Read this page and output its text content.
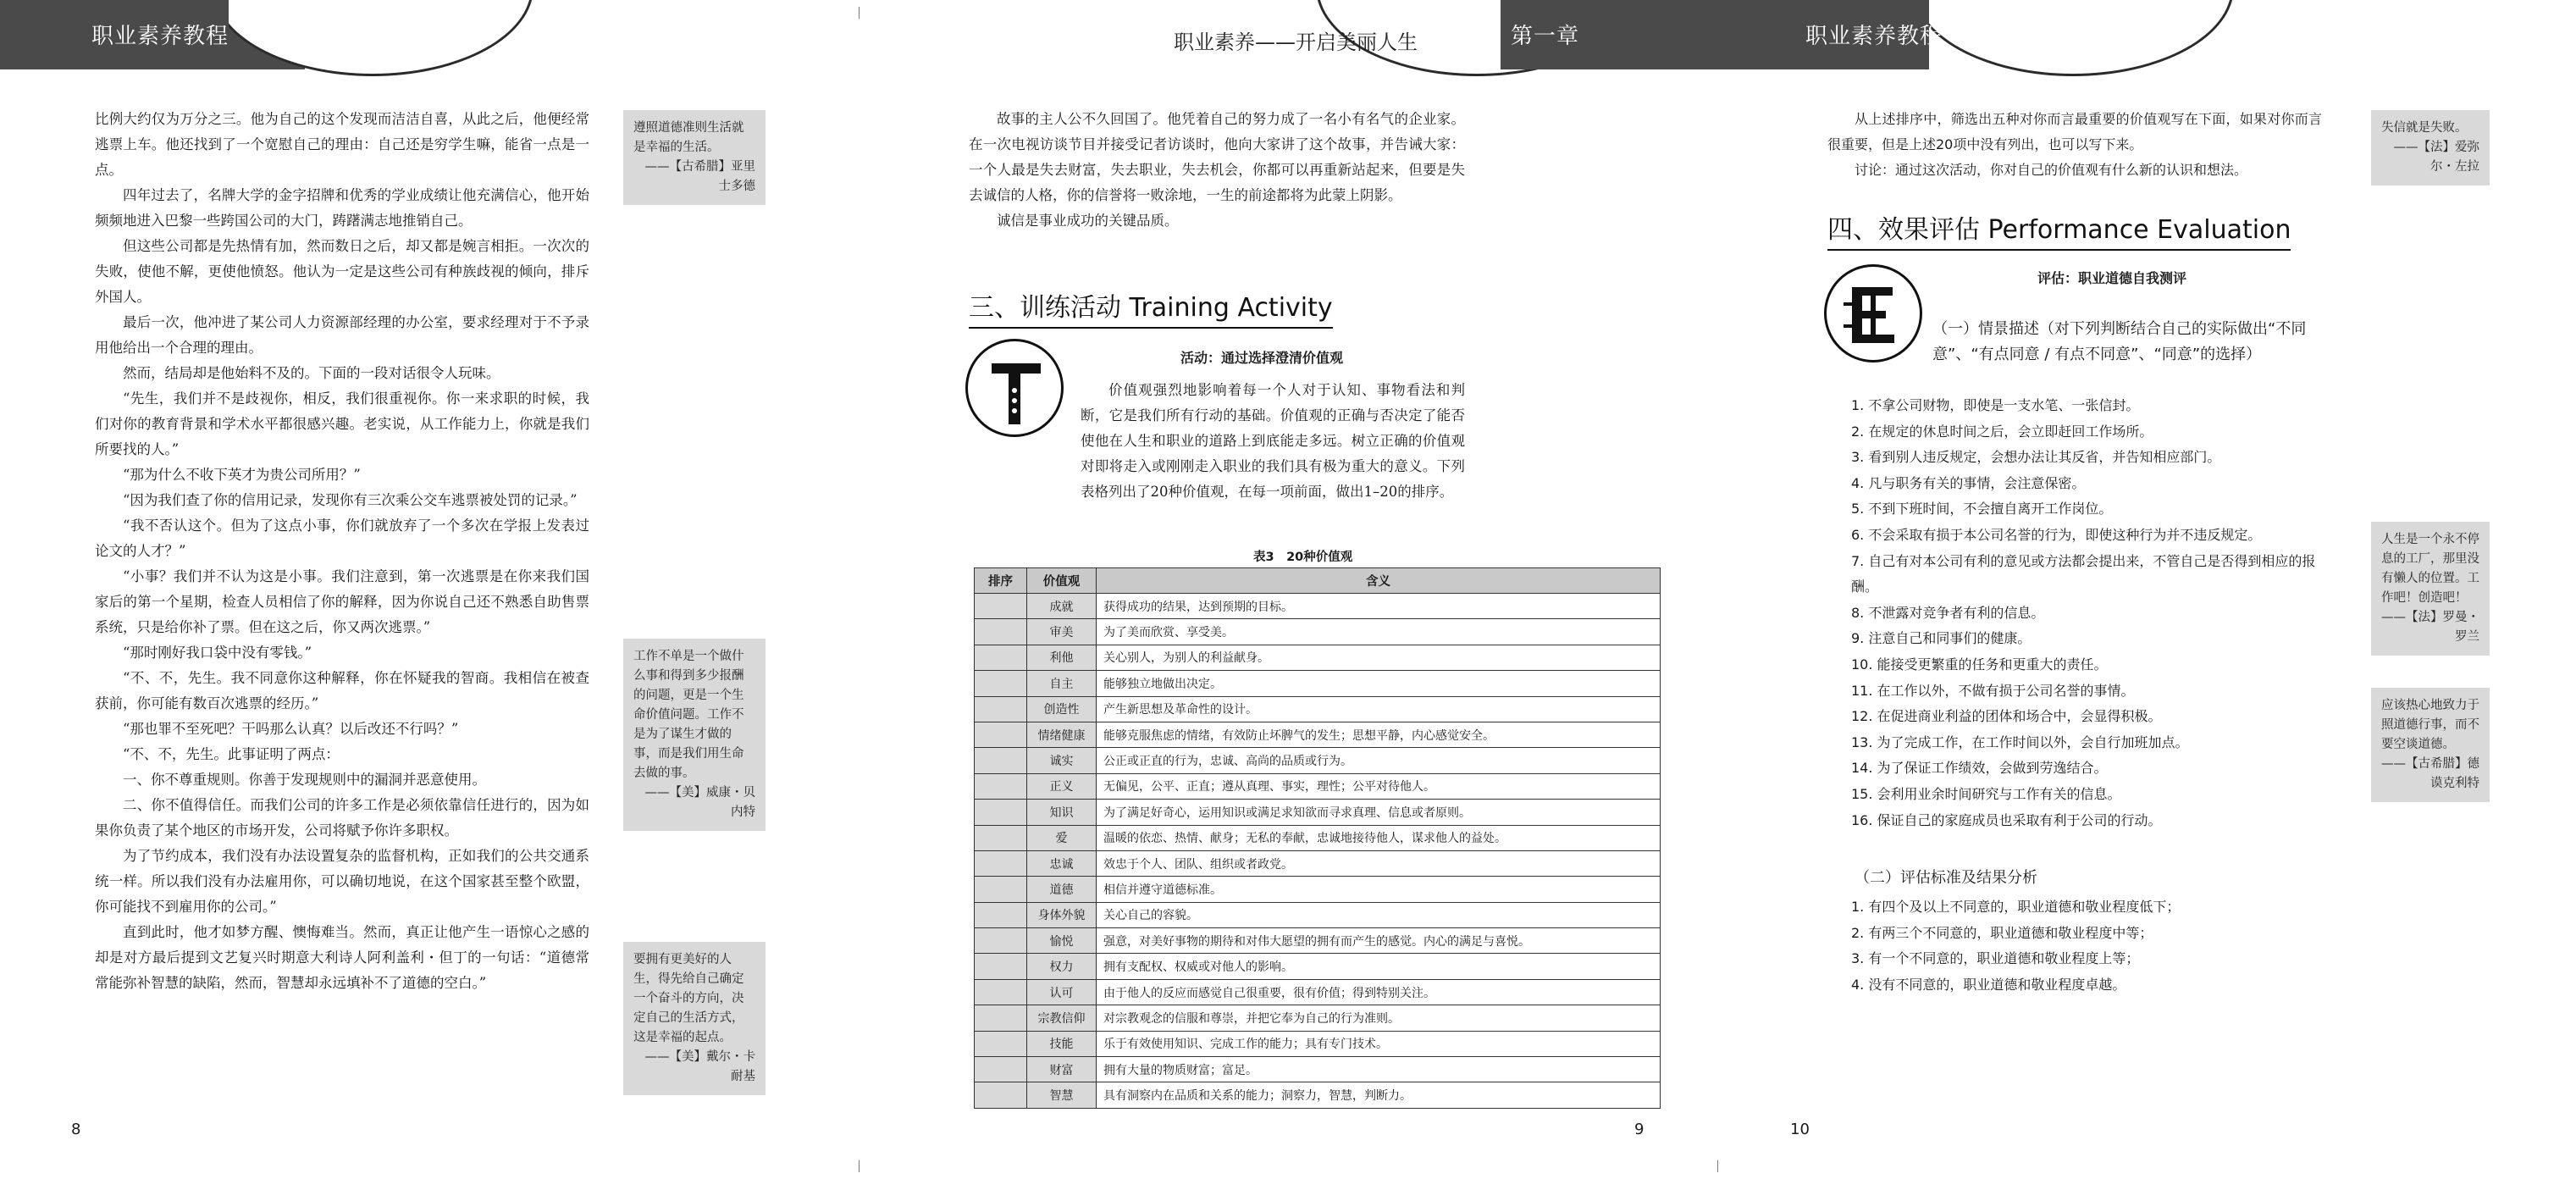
职业素养教程

比例大约仅为万分之三。他为自己的这个发现而洁洁自喜，从此之后，他便经常逃票上车。他还找到了一个宽慰自己的理由：自己还是穷学生嘛，能省一点是一点。

四年过去了，名牌大学的金字招牌和优秀的学业成绩让他充满信心，他开始频频地进入巴黎一些跨国公司的大门，踌躇满志地推销自己。

但这些公司都是先热情有加，然而数日之后，却又都是婉言相拒。一次次的失败，使他不解，更使他愤怒。他认为一定是这些公司有种族歧视的倾向，排斥外国人。

最后一次，他冲进了某公司人力资源部经理的办公室，要求经理对于不予录用他给出一个合理的理由。

然而，结局却是他始料不及的。下面的一段对话很令人玩味。

“先生，我们并不是歧视你，相反，我们很重视你。你一来求职的时候，我们对你的教育背景和学术水平都很感兴趣。老实说，从工作能力上，你就是我们所要找的人。”

“那为什么不收下英才为贵公司所用？”

“因为我们查了你的信用记录，发现你有三次乘公交车逃票被处罚的记录。”

“我不否认这个。但为了这点小事，你们就放弃了一个多次在学报上发表过论文的人才？”

“小事？我们并不认为这是小事。我们注意到，第一次逃票是在你来我们国家后的第一个星期，检查人员相信了你的解释，因为你说自己还不熟悉自助售票系统，只是给你补了票。但在这之后，你又两次逃票。”

“那时刚好我口袋中没有零钱。”

“不、不，先生。我不同意你这种解释，你在怀疑我的智商。我相信在被查获前，你可能有数百次逃票的经历。”

“那也罪不至死吧？干吗那么认真？以后改还不行吗？”

“不、不，先生。此事证明了两点：

一、你不尊重规则。你善于发现规则中的漏洞并恶意使用。

二、你不值得信任。而我们公司的许多工作是必须依靠信任进行的，因为如果你负责了某个地区的市场开发，公司将赋予你许多职权。

为了节约成本，我们没有办法设置复杂的监督机构，正如我们的公共交通系统一样。所以我们没有办法雇用你，可以确切地说，在这个国家甚至整个欧盟，你可能找不到雇用你的公司。”

直到此时，他才如梦方醒、懊悔难当。然而，真正让他产生一语惊心之感的却是对方最后提到文艺复兴时期意大利诗人阿利盖利・但丁的一句话：“道德常常能弥补智慧的缺陷，然而，智慧却永远填补不了道德的空白。”

遵照道德准则生活就是幸福的生活。
——【古希腊】亚里士多德
工作不单是一个做什么事和得到多少报酬的问题，更是一个生命价值问题。工作不是为了谋生才做的事，而是我们用生命去做的事。
——【美】威康・贝内特
要拥有更美好的人生，得先给自己确定一个奋斗的方向，决定自己的生活方式，这是幸福的起点。
——【美】戴尔・卡耐基
8
职业素养——开启美丽人生	第一章

故事的主人公不久回国了。他凭着自己的努力成了一名小有名气的企业家。在一次电视访谈节目并接受记者访谈时，他向大家讲了这个故事，并告诫大家：一个人最是失去财富，失去职业，失去机会，你都可以再重新站起来，但要是失去诚信的人格，你的信誉将一败涂地，一生的前途都将为此蒙上阴影。

诚信是事业成功的关键品质。

三、训练活动 Training Activity
活动：通过选择澄清价值观

价值观强烈地影响着每一个人对于认知、事物看法和判断，它是我们所有行动的基础。价值观的正确与否决定了能否使他在人生和职业的道路上到底能走多远。树立正确的价值观对即将走入或刚刚走入职业的我们具有极为重大的意义。下列表格列出了20种价值观，在每一项前面，做出1–20的排序。

表3　20种价值观
排序	价值观	含义
	成就	获得成功的结果，达到预期的目标。
	审美	为了美而欣赏、享受美。
	利他	关心别人，为别人的利益献身。
	自主	能够独立地做出决定。
	创造性	产生新思想及革命性的设计。
	情绪健康	能够克服焦虑的情绪，有效防止坏脾气的发生；思想平静，内心感觉安全。
	诚实	公正或正直的行为，忠诚、高尚的品质或行为。
	正义	无偏见，公平、正直；遵从真理、事实，理性；公平对待他人。
	知识	为了满足好奇心，运用知识或满足求知欲而寻求真理、信息或者原则。
	爱	温暖的依恋、热情、献身；无私的奉献，忠诚地接待他人，谋求他人的益处。
	忠诚	效忠于个人、团队、组织或者政党。
	道德	相信并遵守道德标准。
	身体外貌	关心自己的容貌。
	愉悦	强意，对美好事物的期待和对伟大愿望的拥有而产生的感觉。内心的满足与喜悦。
	权力	拥有支配权、权威或对他人的影响。
	认可	由于他人的反应而感觉自己很重要，很有价值；得到特别关注。
	宗教信仰	对宗教观念的信服和尊崇，并把它奉为自己的行为准则。
	技能	乐于有效使用知识、完成工作的能力；具有专门技术。
	财富	拥有大量的物质财富；富足。
	智慧	具有洞察内在品质和关系的能力；洞察力，智慧，判断力。
9
职业素养教程

从上述排序中，筛选出五种对你而言最重要的价值观写在下面，如果对你而言很重要，但是上述20项中没有列出，也可以写下来。

讨论：通过这次活动，你对自己的价值观有什么新的认识和想法。

四、效果评估 Performance Evaluation
评估：职业道德自我测评
（一）情景描述（对下列判断结合自己的实际做出“不同意”、“有点同意 / 有点不同意”、“同意”的选择）
1. 不拿公司财物，即使是一支水笔、一张信封。
2. 在规定的休息时间之后，会立即赶回工作场所。
3. 看到别人违反规定，会想办法让其反省，并告知相应部门。
4. 凡与职务有关的事情，会注意保密。
5. 不到下班时间，不会擅自离开工作岗位。
6. 不会采取有损于本公司名誉的行为，即使这种行为并不违反规定。
7. 自己有对本公司有利的意见或方法都会提出来，不管自己是否得到相应的报酬。
8. 不泄露对竞争者有利的信息。
9. 注意自己和同事们的健康。
10. 能接受更繁重的任务和更重大的责任。
11. 在工作以外，不做有损于公司名誉的事情。
12. 在促进商业利益的团体和场合中，会显得积极。
13. 为了完成工作，在工作时间以外，会自行加班加点。
14. 为了保证工作绩效，会做到劳逸结合。
15. 会利用业余时间研究与工作有关的信息。
16. 保证自己的家庭成员也采取有利于公司的行动。
（二）评估标准及结果分析
1. 有四个及以上不同意的，职业道德和敬业程度低下；
2. 有两三个不同意的，职业道德和敬业程度中等；
3. 有一个不同意的，职业道德和敬业程度上等；
4. 没有不同意的，职业道德和敬业程度卓越。
失信就是失败。
——【法】爱弥尔・左拉
人生是一个永不停息的工厂，那里没有懒人的位置。工作吧！创造吧！
——【法】罗曼・罗兰
应该热心地致力于照道德行事，而不要空谈道德。
——【古希腊】德谟克利特
10
